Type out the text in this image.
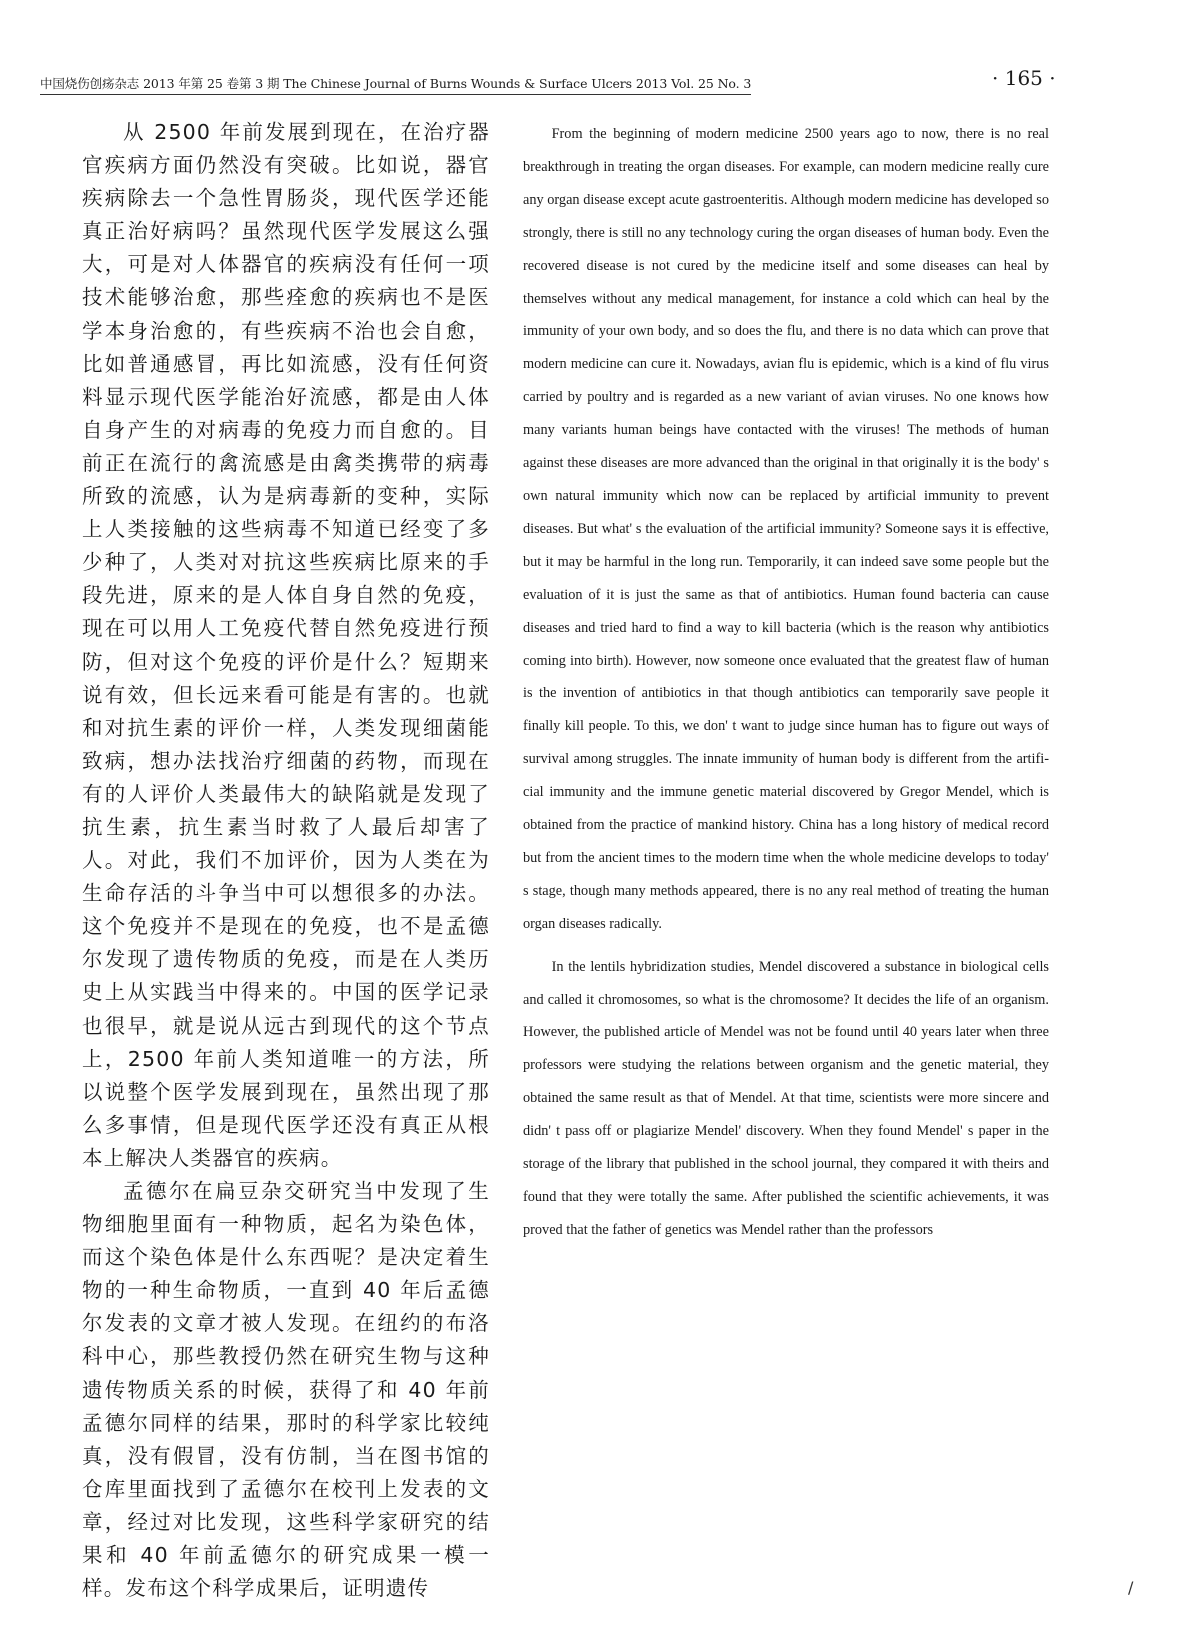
中国烧伤创疡杂志 2013 年第 25 卷第 3 期 The Chinese Journal of Burns Wounds & Surface Ulcers 2013 Vol. 25 No. 3	· 165 ·

从 2500 年前发展到现在，在治疗器官疾病方面仍然没有突破。比如说，器官疾病除去一个急性胃肠炎，现代医学还能真正治好病吗？虽然现代医学发展这么强大，可是对人体器官的疾病没有任何一项技术能够治愈，那些痊愈的疾病也不是医学本身治愈的，有些疾病不治也会自愈，比如普通感冒，再比如流感，没有任何资料显示现代医学能治好流感，都是由人体自身产生的对病毒的免疫力而自愈的。目前正在流行的禽流感是由禽类携带的病毒所致的流感，认为是病毒新的变种，实际上人类接触的这些病毒不知道已经变了多少种了，人类对对抗这些疾病比原来的手段先进，原来的是人体自身自然的免疫，现在可以用人工免疫代替自然免疫进行预防，但对这个免疫的评价是什么？短期来说有效，但长远来看可能是有害的。也就和对抗生素的评价一样，人类发现细菌能致病，想办法找治疗细菌的药物，而现在有的人评价人类最伟大的缺陷就是发现了抗生素，抗生素当时救了人最后却害了人。对此，我们不加评价，因为人类在为生命存活的斗争当中可以想很多的办法。这个免疫并不是现在的免疫，也不是孟德尔发现了遗传物质的免疫，而是在人类历史上从实践当中得来的。中国的医学记录也很早，就是说从远古到现代的这个节点上，2500 年前人类知道唯一的方法，所以说整个医学发展到现在，虽然出现了那么多事情，但是现代医学还没有真正从根本上解决人类器官的疾病。

孟德尔在扁豆杂交研究当中发现了生物细胞里面有一种物质，起名为染色体，而这个染色体是什么东西呢？是决定着生物的一种生命物质，一直到 40 年后孟德尔发表的文章才被人发现。在纽约的布洛科中心，那些教授仍然在研究生物与这种遗传物质关系的时候，获得了和 40 年前孟德尔同样的结果，那时的科学家比较纯真，没有假冒，没有仿制，当在图书馆的仓库里面找到了孟德尔在校刊上发表的文章，经过对比发现，这些科学家研究的结果和 40 年前孟德尔的研究成果一模一样。发布这个科学成果后，证明遗传

From the beginning of modern medicine 2500 years ago to now, there is no real breakthrough in treating the organ diseases. For example, can modern medicine really cure any organ disease except acute gastroenteritis. Although modern medicine has developed so strongly, there is still no any technology curing the organ diseases of human body. Even the recovered disease is not cured by the medicine itself and some diseases can heal by themselves without any medical management, for instance a cold which can heal by the immunity of your own body, and so does the flu, and there is no data which can prove that modern medicine can cure it. Nowadays, avian flu is epidemic, which is a kind of flu virus carried by poultry and is regarded as a new variant of avian viruses. No one knows how many variants human beings have contacted with the viruses! The methods of human against these diseases are more advanced than the original in that originally it is the body' s own natural immunity which now can be replaced by artificial immunity to prevent diseases. But what' s the evaluation of the artificial immunity? Someone says it is effective, but it may be harmful in the long run. Temporarily, it can indeed save some people but the evaluation of it is just the same as that of antibiotics. Human found bacteria can cause diseases and tried hard to find a way to kill bacteria (which is the reason why antibiotics coming into birth). However, now someone once evaluated that the greatest flaw of human is the invention of antibiotics in that though antibiotics can temporarily save people it finally kill people. To this, we don' t want to judge since human has to figure out ways of survival among struggles. The innate immunity of human body is different from the artificial immunity and the immune genetic material discovered by Gregor Mendel, which is obtained from the practice of mankind history. China has a long history of medical record but from the ancient times to the modern time when the whole medicine develops to today' s stage, though many methods appeared, there is no any real method of treating the human organ diseases radically.

In the lentils hybridization studies, Mendel discovered a substance in biological cells and called it chromosomes, so what is the chromosome? It decides the life of an organism. However, the published article of Mendel was not be found until 40 years later when three professors were studying the relations between organism and the genetic material, they obtained the same result as that of Mendel. At that time, scientists were more sincere and didn' t pass off or plagiarize Mendel' discovery. When they found Mendel' s paper in the storage of the library that published in the school journal, they compared it with theirs and found that they were totally the same. After published the scientific achievements, it was proved that the father of genetics was Mendel rather than the professors

/
